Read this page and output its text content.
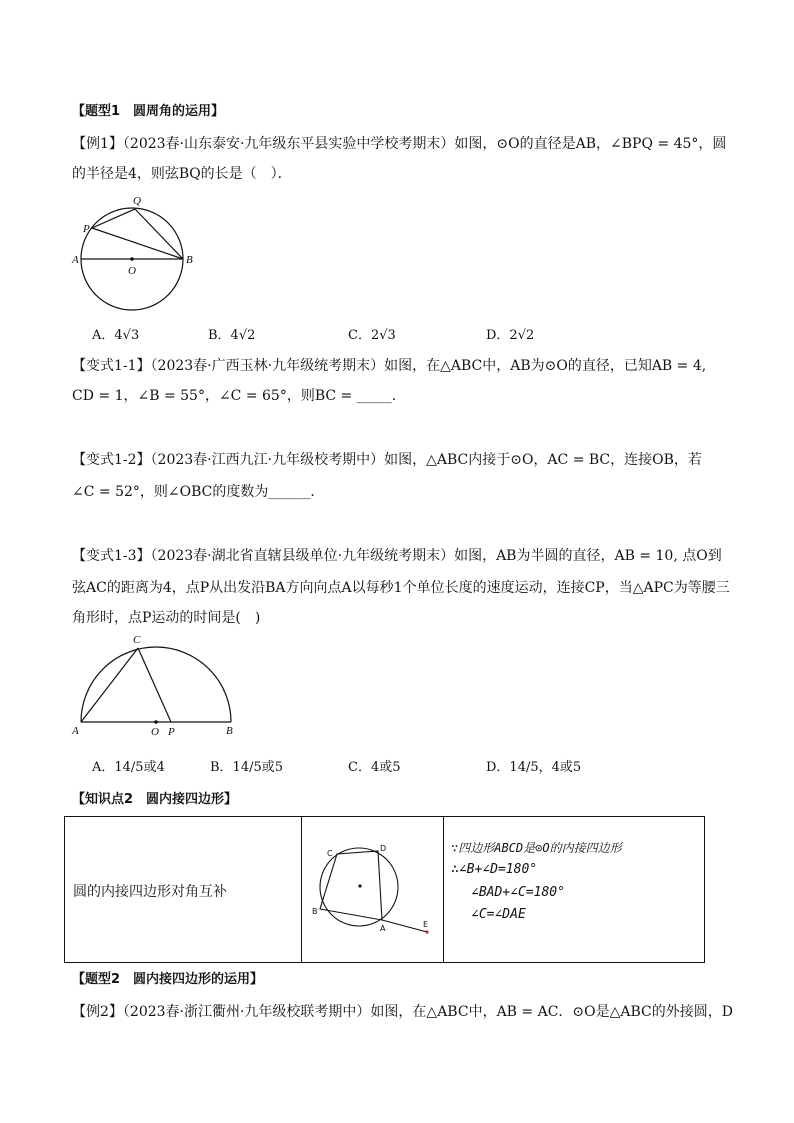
【题型1　圆周角的运用】
【例1】（2023春·山东泰安·九年级东平县实验中学校考期末）如图，⊙O的直径是AB，∠BPQ = 45°，圆
的半径是4，则弦BQ的长是（　）．
Q
P
A
O
B
A．4√3	B．4√2	C．2√3	D．2√2
【变式1-1】（2023春·广西玉林·九年级统考期末）如图，在△ABC中，AB为⊙O的直径，已知AB = 4,
CD = 1，∠B = 55°，∠C = 65°，则BC = _____．
【变式1-2】（2023春·江西九江·九年级校考期中）如图，△ABC内接于⊙O，AC = BC，连接OB，若
∠C = 52°，则∠OBC的度数为______．
【变式1-3】（2023春·湖北省直辖县级单位·九年级统考期末）如图，AB为半圆的直径，AB = 10, 点O到
弦AC的距离为4，点P从出发沿BA方向向点A以每秒1个单位长度的速度运动，连接CP，当△APC为等腰三
角形时，点P运动的时间是(　)
C
A	O P	B
A．14/5或4	B．14/5或5	C．4或5	D．14/5，4或5
【知识点2　圆内接四边形】
圆的内接四边形对角互补
C
D
B
A	E
∵四边形ABCD是⊙O的内接四边形
∴∠B+∠D=180°
∠BAD+∠C=180°
∠C=∠DAE
【题型2　圆内接四边形的运用】
【例2】（2023春·浙江衢州·九年级校联考期中）如图，在△ABC中，AB = AC．⊙O是△ABC的外接圆，D
